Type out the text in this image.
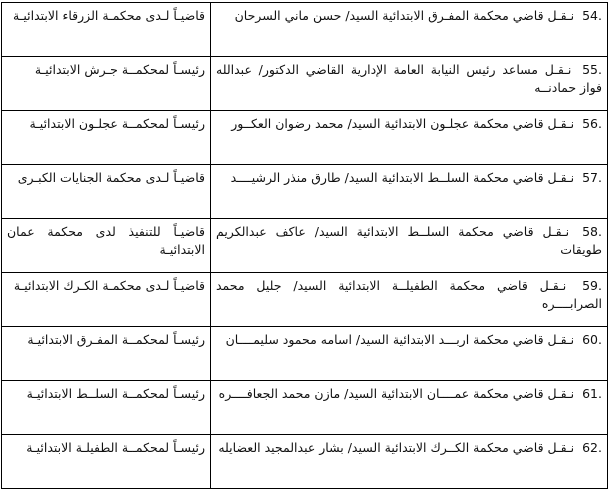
54. نـقـل قاضي محكمة المفـرق الابتدائية السيد/ حسن ماني السرحان	قاضيـاً لـدى محكمـة الزرقاء الابتدائيـة
55. نـقـل مساعد رئيس النيابة العامة الإدارية القاضي الدكتور/ عبدالله فواز حمادنــه	رئيسـاً لمحكمــة جـرش الابتدائيـة
56. نـقـل قاضي محكمة عجلـون الابتدائية السيد/ محمد رضوان العكــور	رئيسـاً لمحكمــة عجلـون الابتدائيـة
57. نـقـل قاضي محكمة السلــط الابتدائية السيد/ طارق منذر الرشيــــد	قاضيـاً لـدى محكمة الجنايات الكبـرى
58. نـقـل قاضي محكمة السلــط الابتدائية السيد/ عاكف عبدالكريم طويقات	قاضيـاً للتنفيذ لدى محكمة عمان الابتدائيـة
59. نـقـل قاضي محكمة الطفيلــة الابتدائية السيد/ جليل محمد الصرابــــره	قاضيـاً لـدى محكمـة الكـرك الابتدائيـة
60. نـقـل قاضي محكمة اربـــد الابتدائية السيد/ اسامه محمود سليمــــان	رئيسـاً لمحكمــة المفـرق الابتدائيـة
61. نـقـل قاضي محكمة عمــــان الابتدائية السيد/ مازن محمد الجعافــــره	رئيسـاً لمحكمــة السلــط الابتدائيـة
62. نـقـل قاضي محكمة الكــرك الابتدائية السيد/ بشار عبدالمجيد العضايله	رئيسـاً لمحكمــة الطفيلـة الابتدائيـة
